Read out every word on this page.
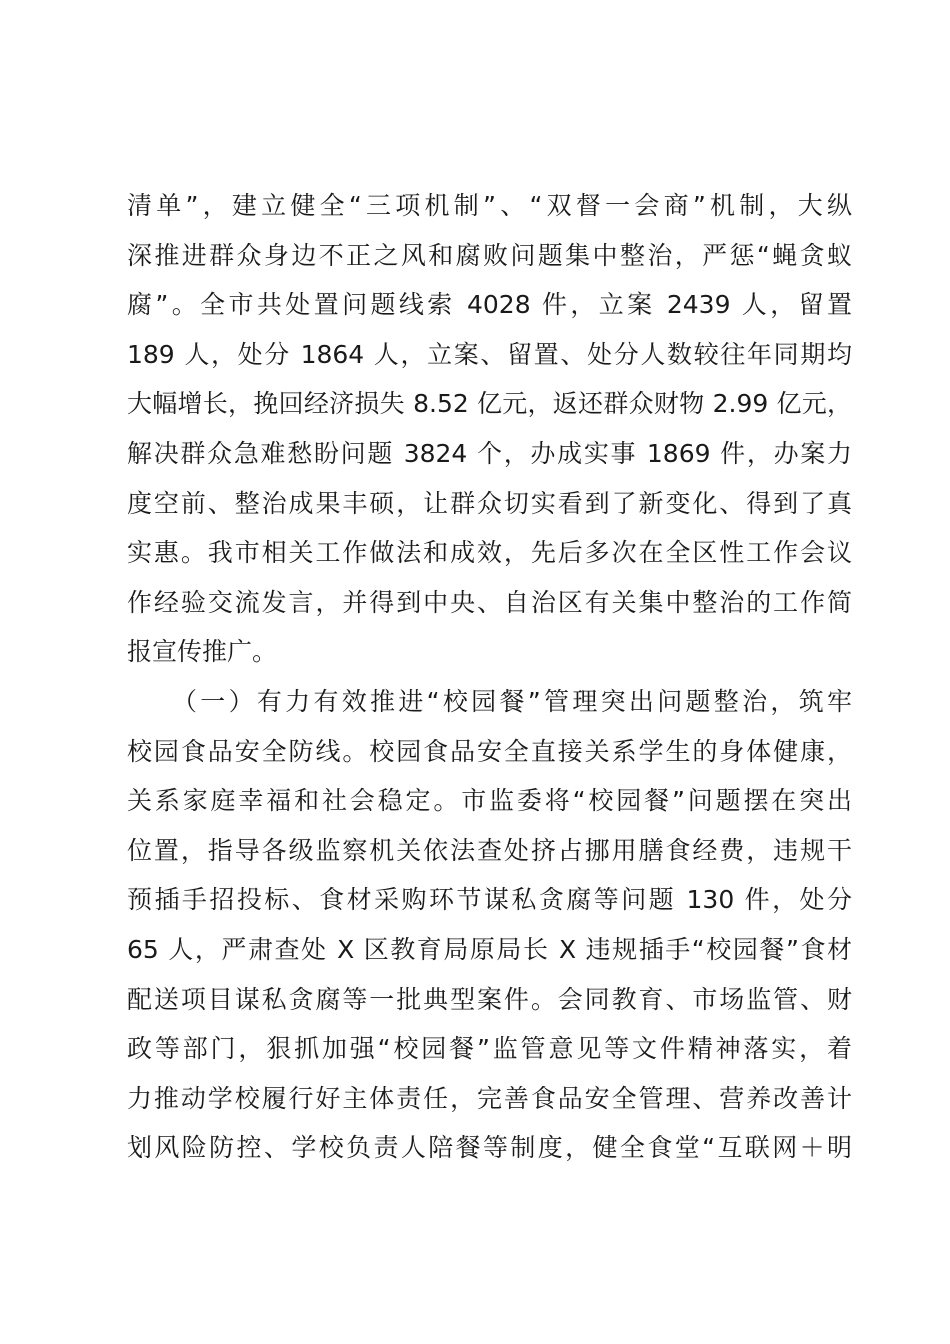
清单”，建立健全“三项机制”、“双督一会商”机制，大纵
深推进群众身边不正之风和腐败问题集中整治，严惩“蝇贪蚁
腐”。全市共处置问题线索 4028 件，立案 2439 人，留置
189 人，处分 1864 人，立案、留置、处分人数较往年同期均
大幅增长，挽回经济损失 8.52 亿元，返还群众财物 2.99 亿元，
解决群众急难愁盼问题 3824 个，办成实事 1869 件，办案力
度空前、整治成果丰硕，让群众切实看到了新变化、得到了真
实惠。我市相关工作做法和成效，先后多次在全区性工作会议
作经验交流发言，并得到中央、自治区有关集中整治的工作简
报宣传推广。
（一）有力有效推进“校园餐”管理突出问题整治，筑牢
校园食品安全防线。校园食品安全直接关系学生的身体健康，
关系家庭幸福和社会稳定。市监委将“校园餐”问题摆在突出
位置，指导各级监察机关依法查处挤占挪用膳食经费，违规干
预插手招投标、食材采购环节谋私贪腐等问题 130 件，处分
65 人，严肃查处 X 区教育局原局长 X 违规插手“校园餐”食材
配送项目谋私贪腐等一批典型案件。会同教育、市场监管、财
政等部门，狠抓加强“校园餐”监管意见等文件精神落实，着
力推动学校履行好主体责任，完善食品安全管理、营养改善计
划风险防控、学校负责人陪餐等制度，健全食堂“互联网＋明
